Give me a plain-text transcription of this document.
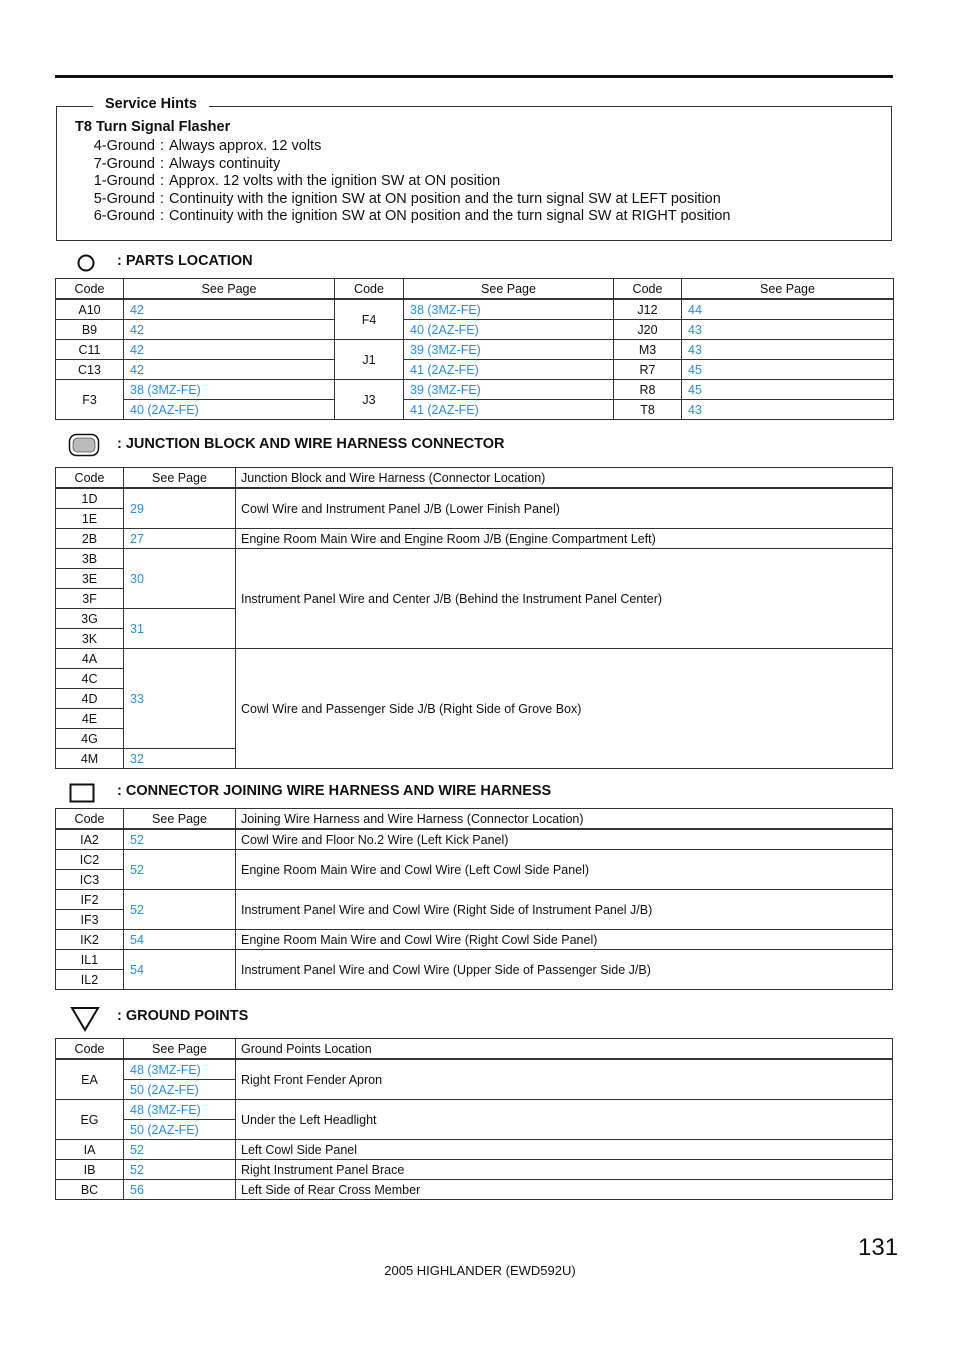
Service Hints
T8 Turn Signal Flasher
4-Ground : Always approx. 12 volts
7-Ground : Always continuity
1-Ground : Approx. 12 volts with the ignition SW at ON position
5-Ground : Continuity with the ignition SW at ON position and the turn signal SW at LEFT position
6-Ground : Continuity with the ignition SW at ON position and the turn signal SW at RIGHT position
: PARTS LOCATION
Code	See Page	Code	See Page	Code	See Page
A10	42	F4	38 (3MZ-FE)	J12	44
B9	42		40 (2AZ-FE)	J20	43
C11	42	J1	39 (3MZ-FE)	M3	43
C13	42		41 (2AZ-FE)	R7	45
F3	38 (3MZ-FE)	J3	39 (3MZ-FE)	R8	45
	40 (2AZ-FE)		41 (2AZ-FE)	T8	43
: JUNCTION BLOCK AND WIRE HARNESS CONNECTOR
Code	See Page	Junction Block and Wire Harness (Connector Location)
1D	29	Cowl Wire and Instrument Panel J/B (Lower Finish Panel)
1E		
2B	27	Engine Room Main Wire and Engine Room J/B (Engine Compartment Left)
3B	30	Instrument Panel Wire and Center J/B (Behind the Instrument Panel Center)
3E		
3F		
3G	31	
3K		
4A	33	Cowl Wire and Passenger Side J/B (Right Side of Grove Box)
4C		
4D		
4E		
4G		
4M	32	
: CONNECTOR JOINING WIRE HARNESS AND WIRE HARNESS
Code	See Page	Joining Wire Harness and Wire Harness (Connector Location)
IA2	52	Cowl Wire and Floor No.2 Wire (Left Kick Panel)
IC2	52	Engine Room Main Wire and Cowl Wire (Left Cowl Side Panel)
IC3		
IF2	52	Instrument Panel Wire and Cowl Wire (Right Side of Instrument Panel J/B)
IF3		
IK2	54	Engine Room Main Wire and Cowl Wire (Right Cowl Side Panel)
IL1	54	Instrument Panel Wire and Cowl Wire (Upper Side of Passenger Side J/B)
IL2		
: GROUND POINTS
Code	See Page	Ground Points Location
EA	48 (3MZ-FE)	Right Front Fender Apron
	50 (2AZ-FE)	
EG	48 (3MZ-FE)	Under the Left Headlight
	50 (2AZ-FE)	
IA	52	Left Cowl Side Panel
IB	52	Right Instrument Panel Brace
BC	56	Left Side of Rear Cross Member
131
2005 HIGHLANDER (EWD592U)
